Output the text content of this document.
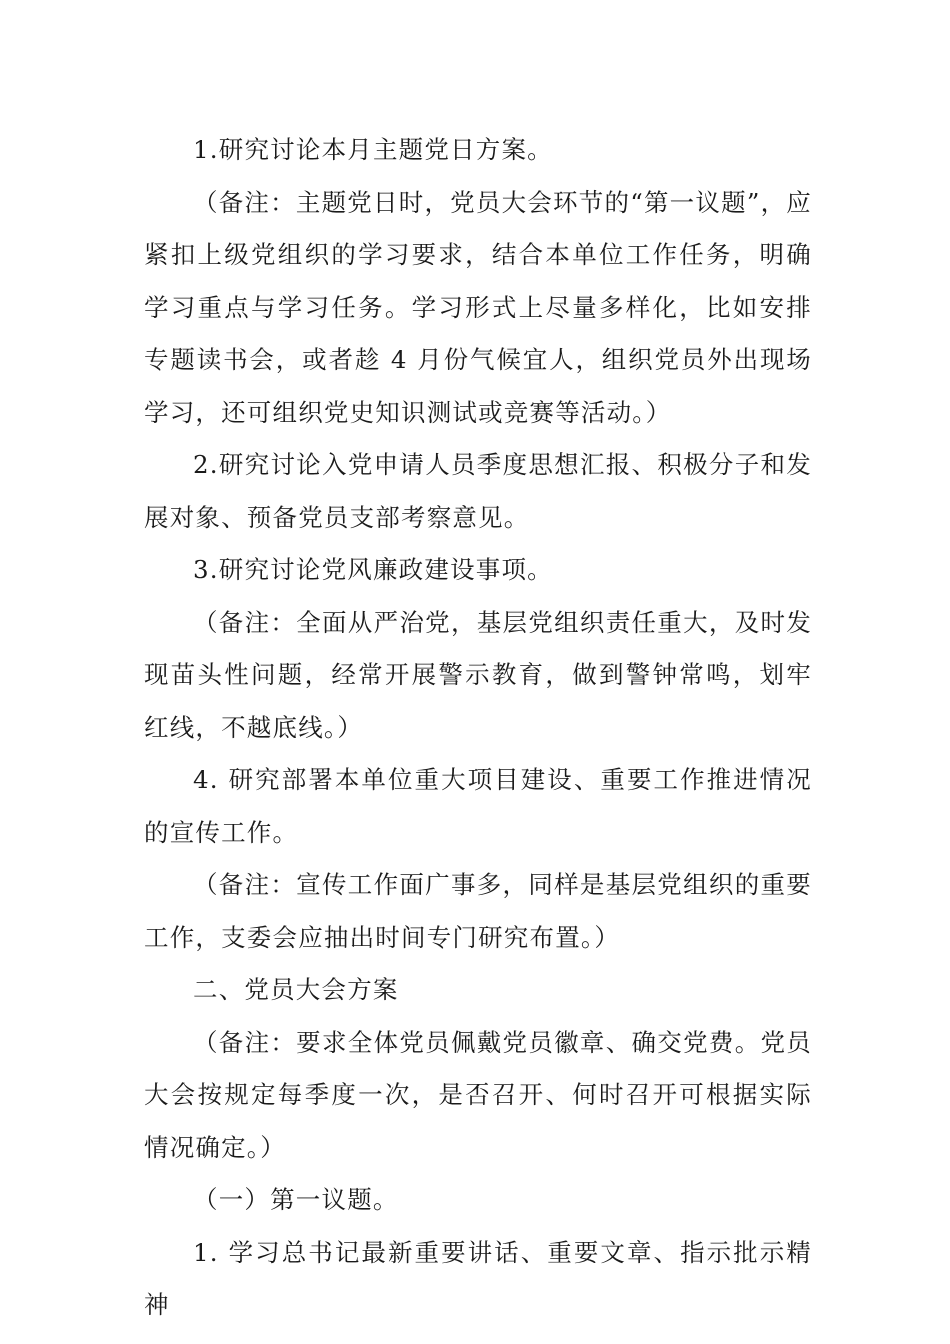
1.研究讨论本月主题党日方案。

（备注：主题党日时，党员大会环节的“第一议题”，应紧扣上级党组织的学习要求，结合本单位工作任务，明确学习重点与学习任务。学习形式上尽量多样化，比如安排专题读书会，或者趁 4 月份气候宜人，组织党员外出现场学习，还可组织党史知识测试或竞赛等活动。）

2.研究讨论入党申请人员季度思想汇报、积极分子和发展对象、预备党员支部考察意见。

3.研究讨论党风廉政建设事项。

（备注：全面从严治党，基层党组织责任重大，及时发现苗头性问题，经常开展警示教育，做到警钟常鸣，划牢红线，不越底线。）

4. 研究部署本单位重大项目建设、重要工作推进情况的宣传工作。

（备注：宣传工作面广事多，同样是基层党组织的重要工作，支委会应抽出时间专门研究布置。）

二、党员大会方案

（备注：要求全体党员佩戴党员徽章、确交党费。党员大会按规定每季度一次，是否召开、何时召开可根据实际情况确定。）

（一）第一议题。

1. 学习总书记最新重要讲话、重要文章、指示批示精神
